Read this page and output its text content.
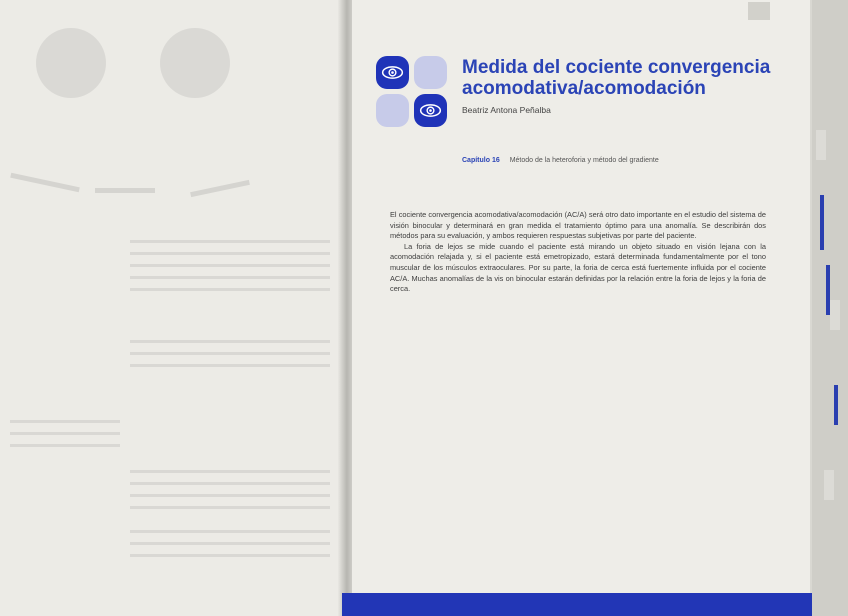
Medida del cociente convergencia acomodativa/acomodación
Beatriz Antona Peñalba
Capítulo 16 Método de la heteroforia y método del gradiente

El cociente convergencia acomodativa/acomodación (AC/A) será otro dato importante en el estudio del sistema de visión binocular y determinará en gran medida el tratamiento óptimo para una anomalía. Se describirán dos métodos para su evaluación, y ambos requieren respuestas subjetivas por parte del paciente.

La foria de lejos se mide cuando el paciente está mirando un objeto situado en visión lejana con la acomodación relajada y, si el paciente está emetropizado, estará determinada fundamentalmente por el tono muscular de los músculos extraoculares. Por su parte, la foria de cerca está fuertemente influida por el cociente AC/A. Muchas anomalías de la vis on binocular estarán definidas por la relación entre la foria de lejos y la foria de cerca.
